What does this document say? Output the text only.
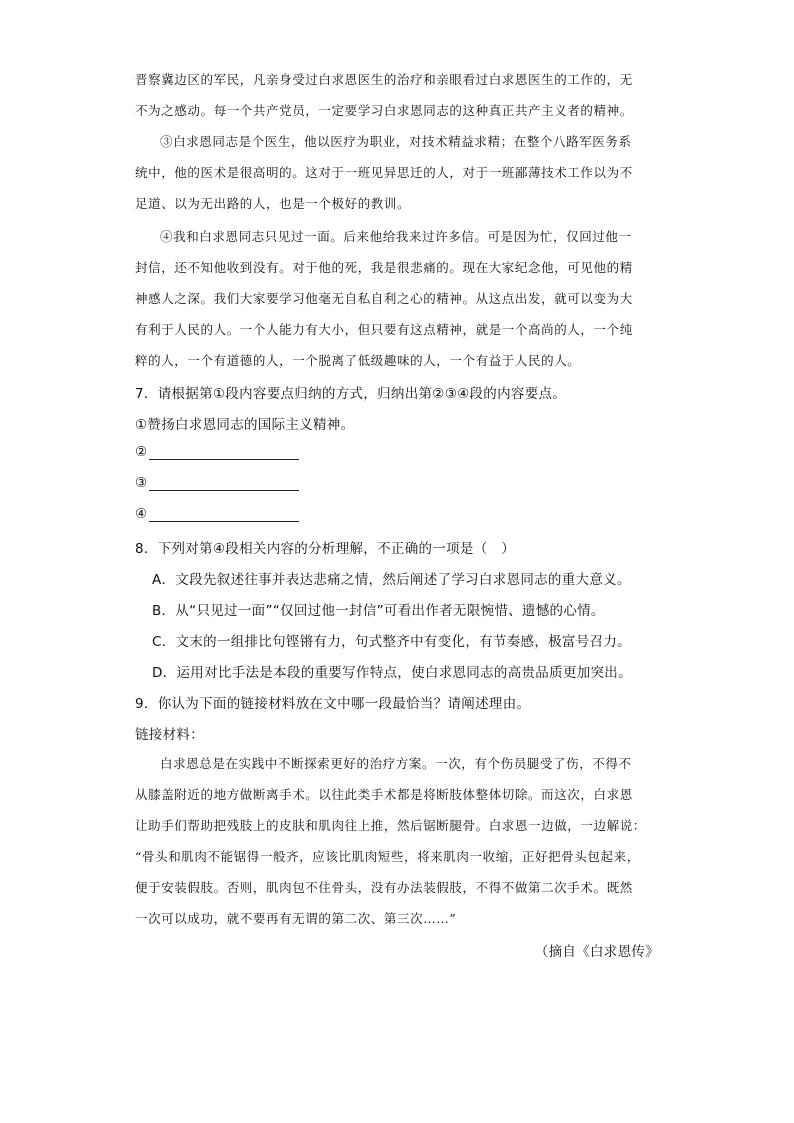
晋察冀边区的军民，凡亲身受过白求恩医生的治疗和亲眼看过白求恩医生的工作的，无
不为之感动。每一个共产党员，一定要学习白求恩同志的这种真正共产主义者的精神。
③白求恩同志是个医生，他以医疗为职业，对技术精益求精；在整个八路军医务系
统中，他的医术是很高明的。这对于一班见异思迁的人，对于一班鄙薄技术工作以为不
足道、以为无出路的人，也是一个极好的教训。
④我和白求恩同志只见过一面。后来他给我来过许多信。可是因为忙，仅回过他一
封信，还不知他收到没有。对于他的死，我是很悲痛的。现在大家纪念他，可见他的精
神感人之深。我们大家要学习他毫无自私自利之心的精神。从这点出发，就可以变为大
有利于人民的人。一个人能力有大小，但只要有这点精神，就是一个高尚的人，一个纯
粹的人，一个有道德的人，一个脱离了低级趣味的人，一个有益于人民的人。
7．请根据第①段内容要点归纳的方式，归纳出第②③④段的内容要点。
①赞扬白求恩同志的国际主义精神。
②
③
④
8．下列对第④段相关内容的分析理解，不正确的一项是（　）
A．文段先叙述往事并表达悲痛之情，然后阐述了学习白求恩同志的重大意义。
B．从“只见过一面”“仅回过他一封信”可看出作者无限惋惜、遗憾的心情。
C．文末的一组排比句铿锵有力，句式整齐中有变化，有节奏感，极富号召力。
D．运用对比手法是本段的重要写作特点，使白求恩同志的高贵品质更加突出。
9．你认为下面的链接材料放在文中哪一段最恰当？请阐述理由。
链接材料：
白求恩总是在实践中不断探索更好的治疗方案。一次，有个伤员腿受了伤，不得不
从膝盖附近的地方做断离手术。以往此类手术都是将断肢体整体切除。而这次，白求恩
让助手们帮助把残肢上的皮肤和肌肉往上推，然后锯断腿骨。白求恩一边做，一边解说：
“骨头和肌肉不能锯得一般齐，应该比肌肉短些，将来肌肉一收缩，正好把骨头包起来，
便于安装假肢。否则，肌肉包不住骨头，没有办法装假肢，不得不做第二次手术。既然
一次可以成功，就不要再有无谓的第二次、第三次……”
（摘自《白求恩传》
